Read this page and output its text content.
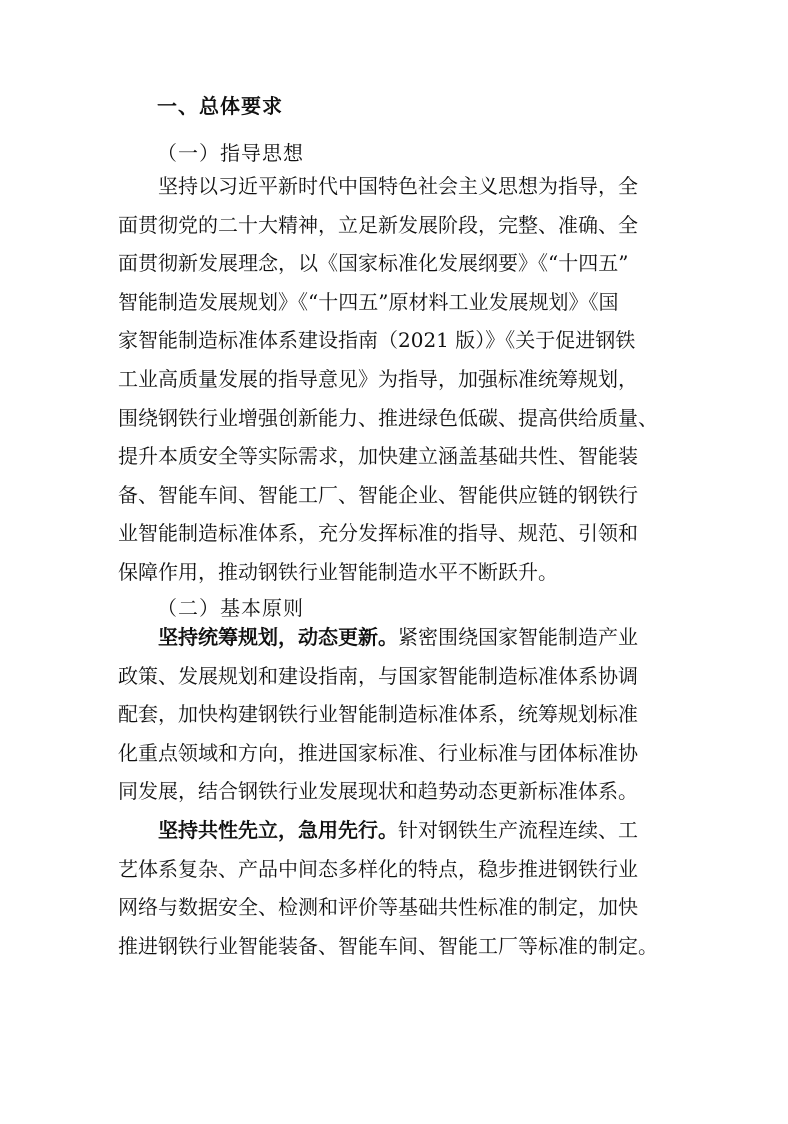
一、总体要求
（一）指导思想
坚持以习近平新时代中国特色社会主义思想为指导，全
面贯彻党的二十大精神，立足新发展阶段，完整、准确、全
面贯彻新发展理念，以《国家标准化发展纲要》《“十四五”
智能制造发展规划》《“十四五”原材料工业发展规划》《国
家智能制造标准体系建设指南（2021 版）》《关于促进钢铁
工业高质量发展的指导意见》为指导，加强标准统筹规划，
围绕钢铁行业增强创新能力、推进绿色低碳、提高供给质量、
提升本质安全等实际需求，加快建立涵盖基础共性、智能装
备、智能车间、智能工厂、智能企业、智能供应链的钢铁行
业智能制造标准体系，充分发挥标准的指导、规范、引领和
保障作用，推动钢铁行业智能制造水平不断跃升。
（二）基本原则
坚持统筹规划，动态更新。紧密围绕国家智能制造产业
政策、发展规划和建设指南，与国家智能制造标准体系协调
配套，加快构建钢铁行业智能制造标准体系，统筹规划标准
化重点领域和方向，推进国家标准、行业标准与团体标准协
同发展，结合钢铁行业发展现状和趋势动态更新标准体系。
坚持共性先立，急用先行。针对钢铁生产流程连续、工
艺体系复杂、产品中间态多样化的特点，稳步推进钢铁行业
网络与数据安全、检测和评价等基础共性标准的制定，加快
推进钢铁行业智能装备、智能车间、智能工厂等标准的制定。
